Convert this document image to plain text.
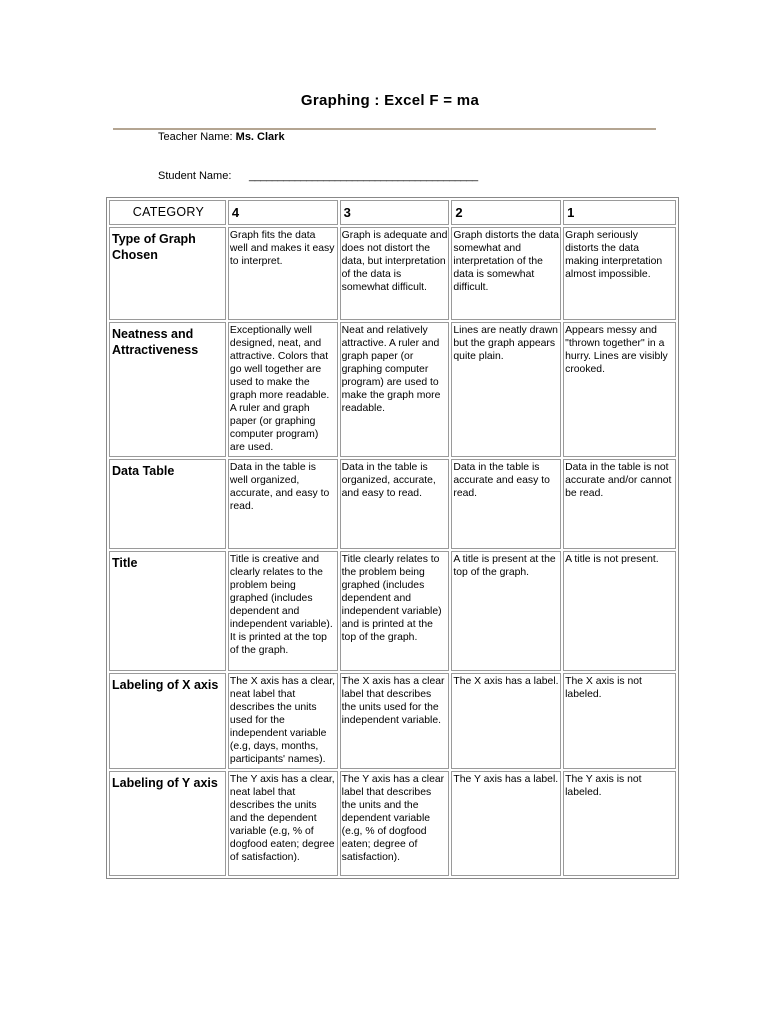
Graphing : Excel F = ma
Teacher Name: Ms. Clark
Student Name: ________________________________________
CATEGORY	4	3	2	1
Type of Graph Chosen	Graph fits the data well and makes it easy to interpret.	Graph is adequate and does not distort the data, but interpretation of the data is somewhat difficult.	Graph distorts the data somewhat and interpretation of the data is somewhat difficult.	Graph seriously distorts the data making interpretation almost impossible.
Neatness and Attractiveness	Exceptionally well designed, neat, and attractive. Colors that go well together are used to make the graph more readable. A ruler and graph paper (or graphing computer program) are used.	Neat and relatively attractive. A ruler and graph paper (or graphing computer program) are used to make the graph more readable.	Lines are neatly drawn but the graph appears quite plain.	Appears messy and "thrown together" in a hurry. Lines are visibly crooked.
Data Table	Data in the table is well organized, accurate, and easy to read.	Data in the table is organized, accurate, and easy to read.	Data in the table is accurate and easy to read.	Data in the table is not accurate and/or cannot be read.
Title	Title is creative and clearly relates to the problem being graphed (includes dependent and independent variable). It is printed at the top of the graph.	Title clearly relates to the problem being graphed (includes dependent and independent variable) and is printed at the top of the graph.	A title is present at the top of the graph.	A title is not present.
Labeling of X axis	The X axis has a clear, neat label that describes the units used for the independent variable (e.g, days, months, participants' names).	The X axis has a clear label that describes the units used for the independent variable.	The X axis has a label.	The X axis is not labeled.
Labeling of Y axis	The Y axis has a clear, neat label that describes the units and the dependent variable (e.g, % of dogfood eaten; degree of satisfaction).	The Y axis has a clear label that describes the units and the dependent variable (e.g, % of dogfood eaten; degree of satisfaction).	The Y axis has a label.	The Y axis is not labeled.
